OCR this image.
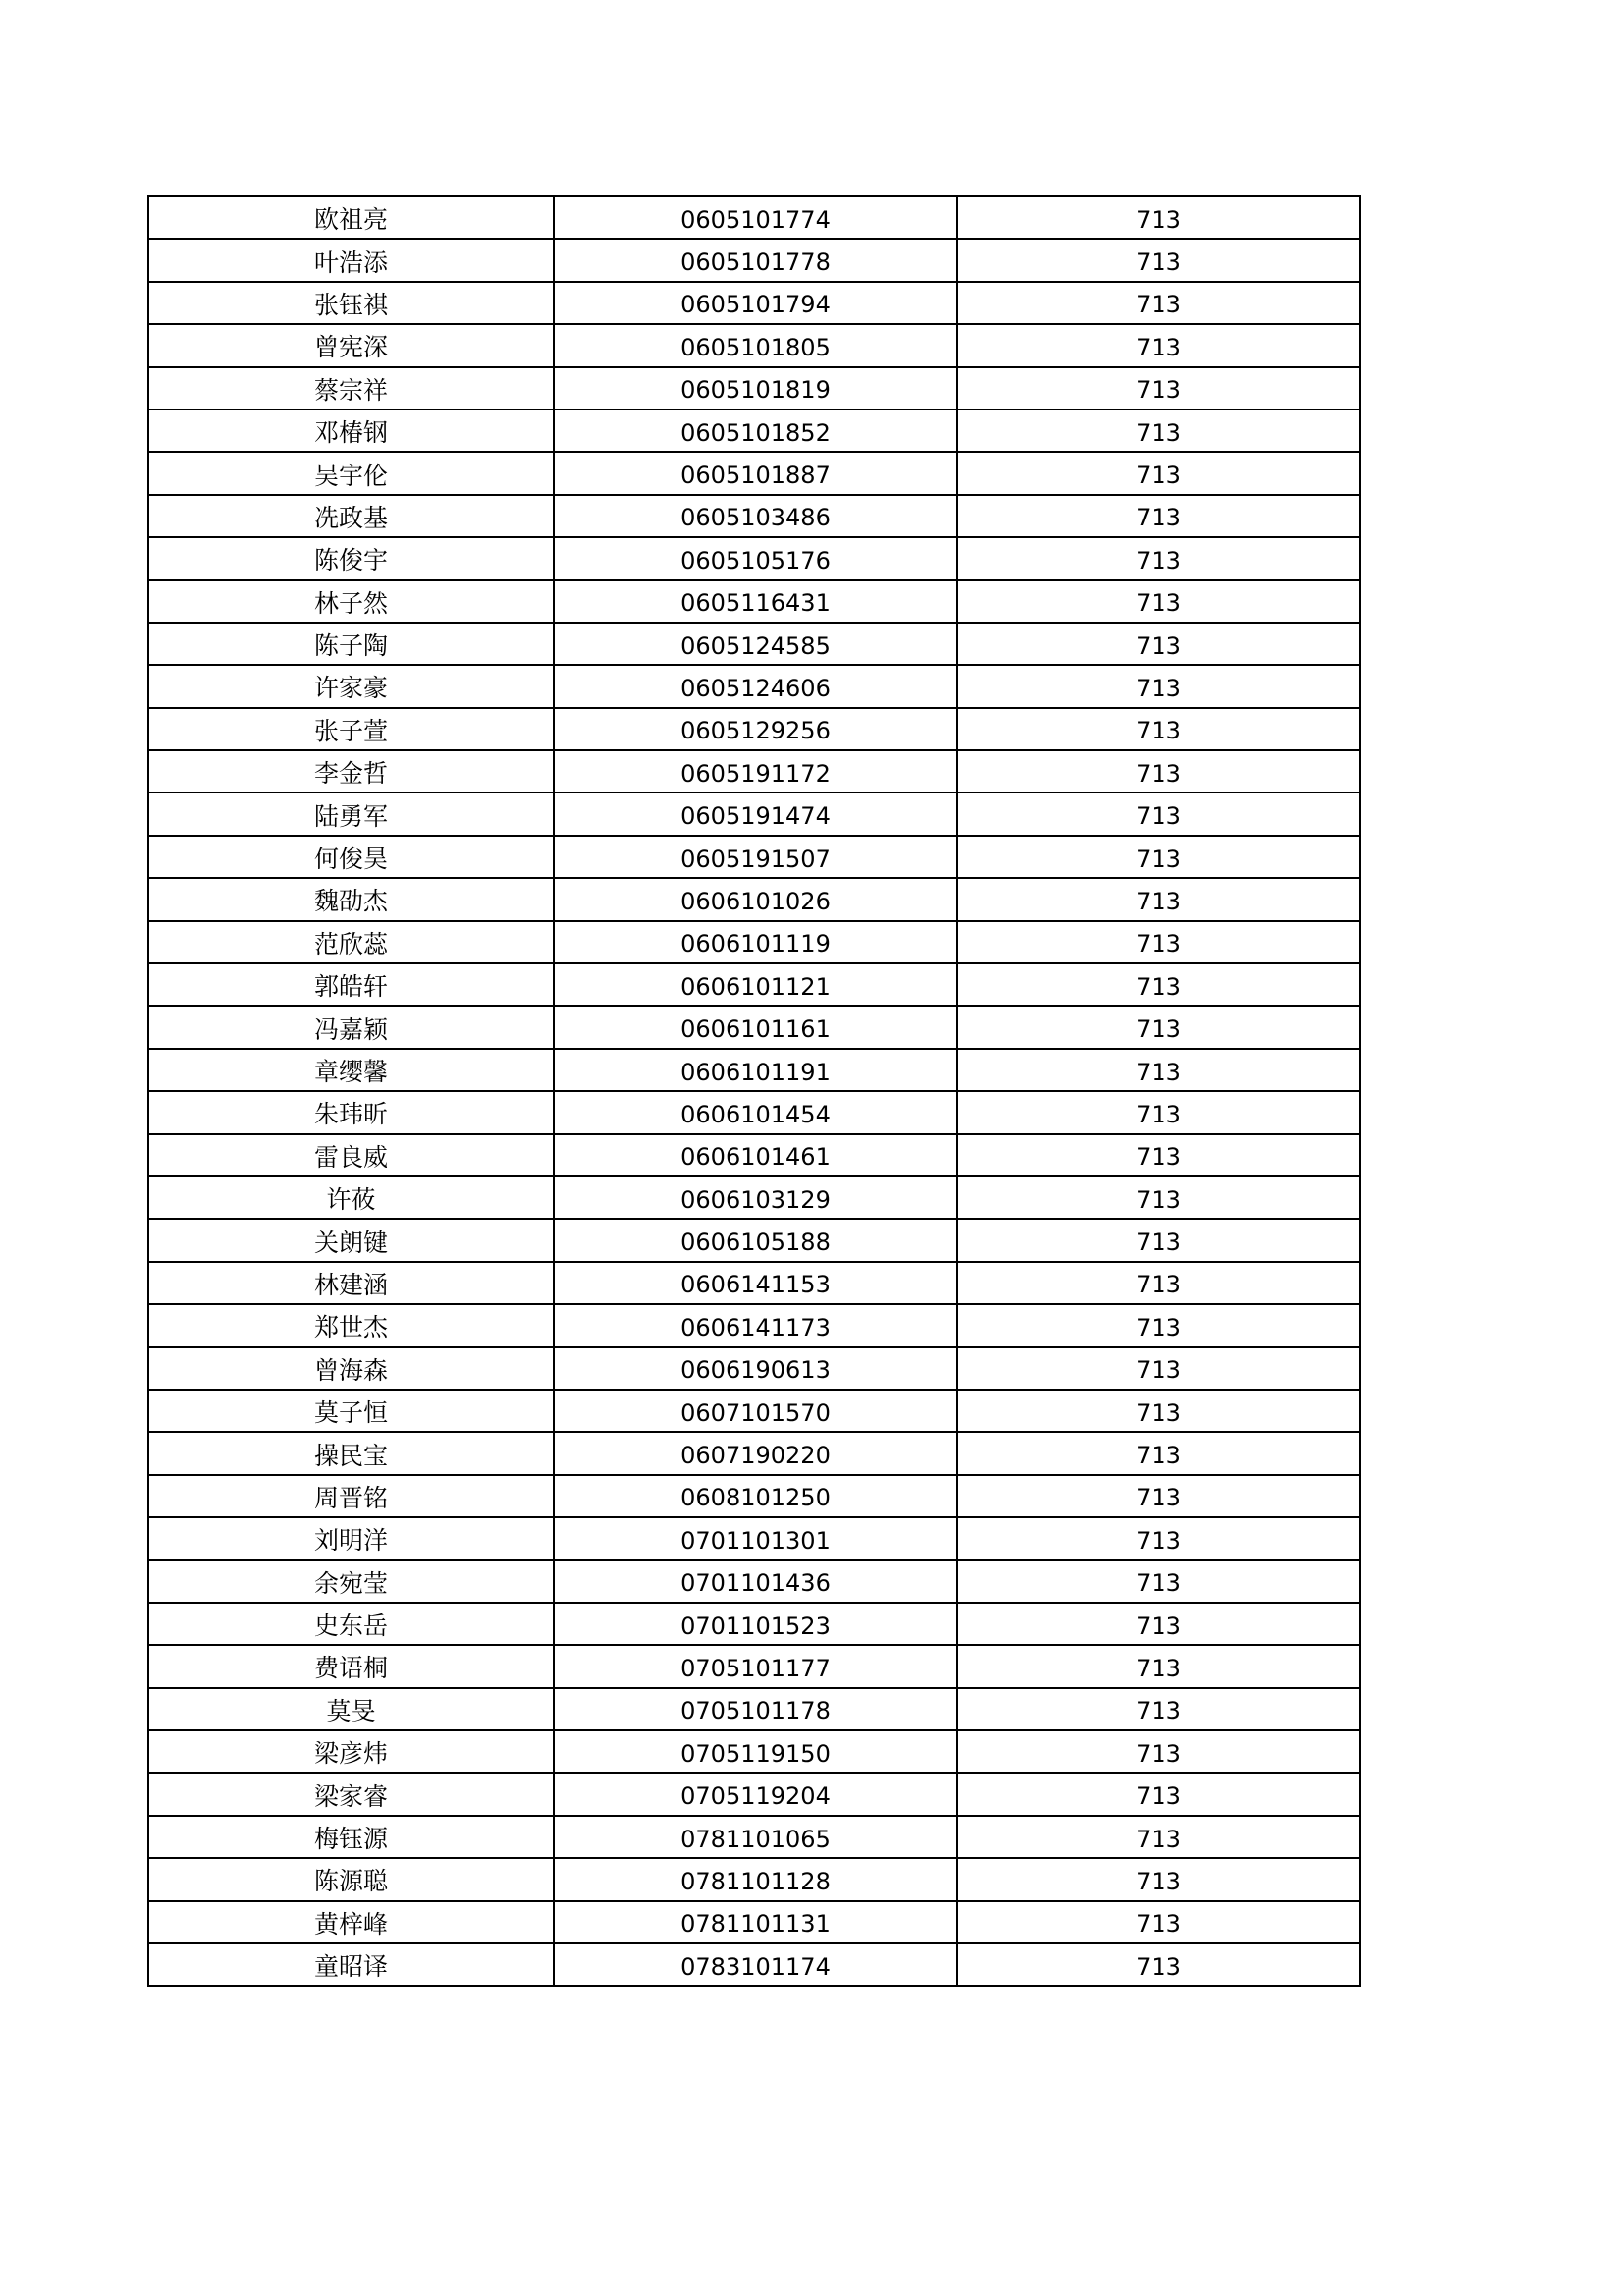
欧祖亮	0605101774	713
叶浩添	0605101778	713
张钰祺	0605101794	713
曾宪深	0605101805	713
蔡宗祥	0605101819	713
邓椿钢	0605101852	713
吴宇伦	0605101887	713
冼政基	0605103486	713
陈俊宇	0605105176	713
林子然	0605116431	713
陈子陶	0605124585	713
许家豪	0605124606	713
张子萱	0605129256	713
李金哲	0605191172	713
陆勇军	0605191474	713
何俊昊	0605191507	713
魏劭杰	0606101026	713
范欣蕊	0606101119	713
郭皓轩	0606101121	713
冯嘉颖	0606101161	713
章缨馨	0606101191	713
朱玮昕	0606101454	713
雷良威	0606101461	713
许莜	0606103129	713
关朗键	0606105188	713
林建涵	0606141153	713
郑世杰	0606141173	713
曾海森	0606190613	713
莫子恒	0607101570	713
操民宝	0607190220	713
周晋铭	0608101250	713
刘明洋	0701101301	713
余宛莹	0701101436	713
史东岳	0701101523	713
费语桐	0705101177	713
莫旻	0705101178	713
梁彦炜	0705119150	713
梁家睿	0705119204	713
梅钰源	0781101065	713
陈源聪	0781101128	713
黄梓峰	0781101131	713
童昭译	0783101174	713
